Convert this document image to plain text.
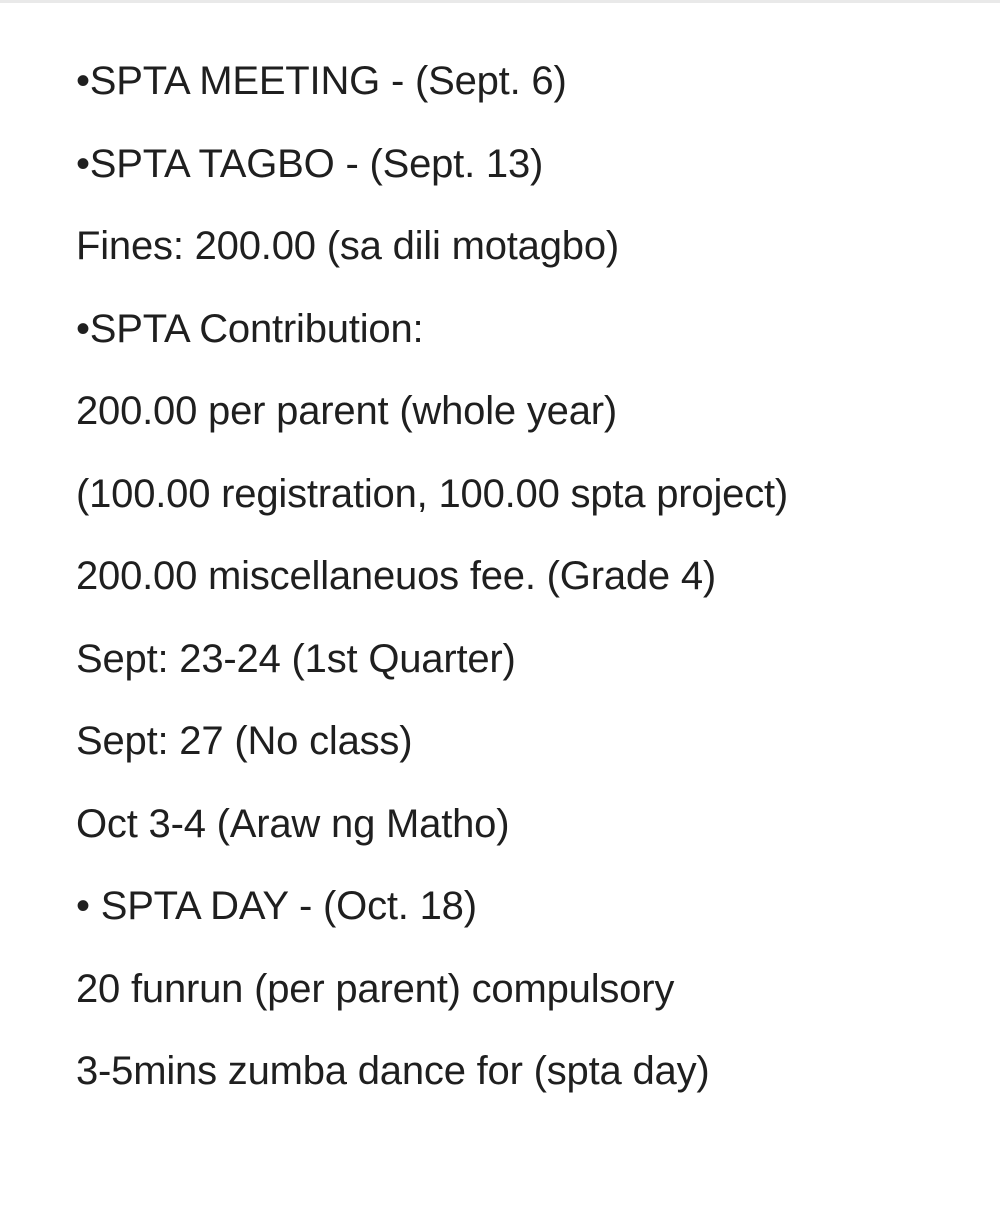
•SPTA MEETING - (Sept. 6)
•SPTA TAGBO - (Sept. 13)
Fines: 200.00 (sa dili motagbo)
•SPTA Contribution:
200.00 per parent (whole year)
(100.00 registration, 100.00 spta project)
200.00 miscellaneuos fee. (Grade 4)
Sept: 23-24 (1st Quarter)
Sept: 27 (No class)
Oct 3-4 (Araw ng Matho)
• SPTA DAY - (Oct. 18)
20 funrun (per parent) compulsory
3-5mins zumba dance for (spta day)
